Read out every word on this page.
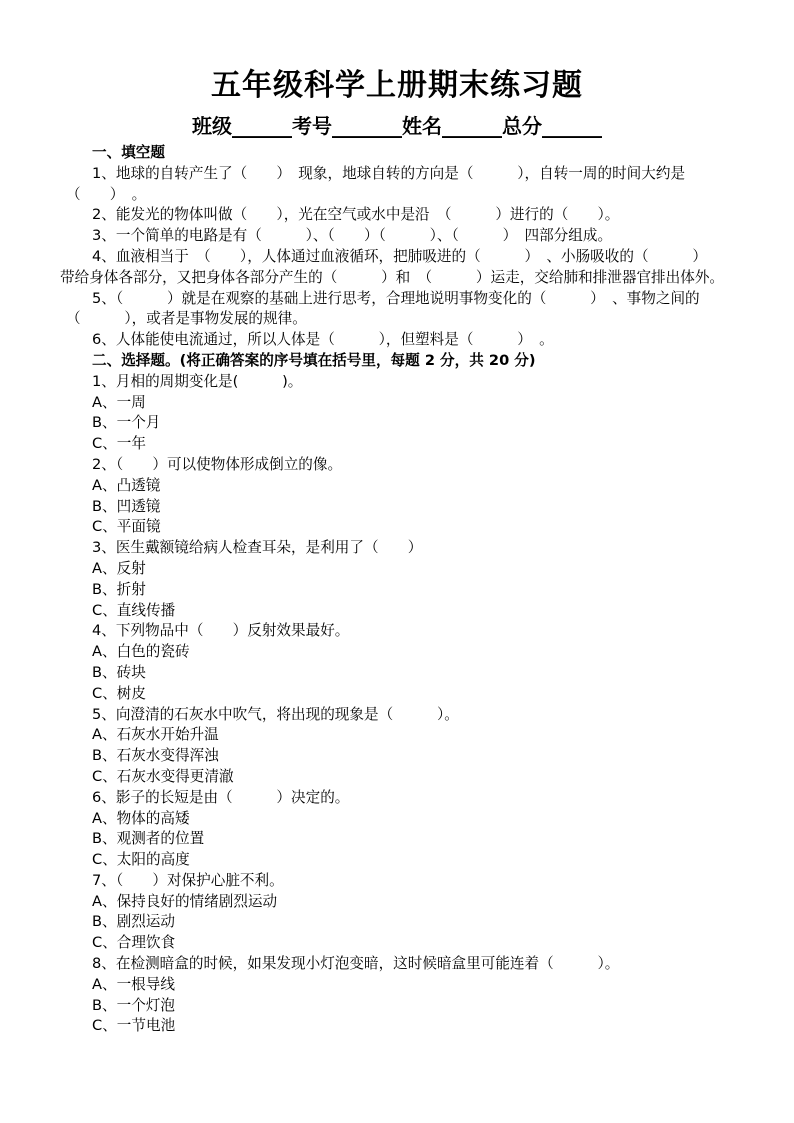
五年级科学上册期末练习题
班级______考号_______姓名______总分______
一、填空题
1、地球的自转产生了（　　）　现象，地球自转的方向是（　　　），自转一周的时间大约是
（　　）　。
2、能发光的物体叫做（　　），光在空气或水中是沿　（　　　）进行的（　　）。
3、一个简单的电路是有（　　　）、（　　）（　　　）、（　　　）　四部分组成。
4、血液相当于　（　　），人体通过血液循环，把肺吸进的（　　　）　、小肠吸收的（　　　）
带给身体各部分，又把身体各部分产生的（　　　）和　（　　　）运走，交给肺和排泄器官排出体外。
5、（　　　）就是在观察的基础上进行思考，合理地说明事物变化的（　　　）　、事物之间的
（　　　），或者是事物发展的规律。
6、人体能使电流通过，所以人体是（　　　），但塑料是（　　　）　。
二、选择题。(将正确答案的序号填在括号里，每题 2 分，共 20 分)
1、月相的周期变化是(　　　)。
A、一周
B、一个月
C、一年
2、（　　）可以使物体形成倒立的像。
A、凸透镜
B、凹透镜
C、平面镜
3、医生戴额镜给病人检查耳朵，是利用了（　　）
A、反射
B、折射
C、直线传播
4、下列物品中（　　）反射效果最好。
A、白色的瓷砖
B、砖块
C、树皮
5、向澄清的石灰水中吹气，将出现的现象是（　　　）。
A、石灰水开始升温
B、石灰水变得浑浊
C、石灰水变得更清澈
6、影子的长短是由（　　　）决定的。
A、物体的高矮
B、观测者的位置
C、太阳的高度
7、（　　）对保护心脏不利。
A、保持良好的情绪剧烈运动
B、剧烈运动
C、合理饮食
8、在检测暗盒的时候，如果发现小灯泡变暗，这时候暗盒里可能连着（　　　）。
A、一根导线
B、一个灯泡
C、一节电池
